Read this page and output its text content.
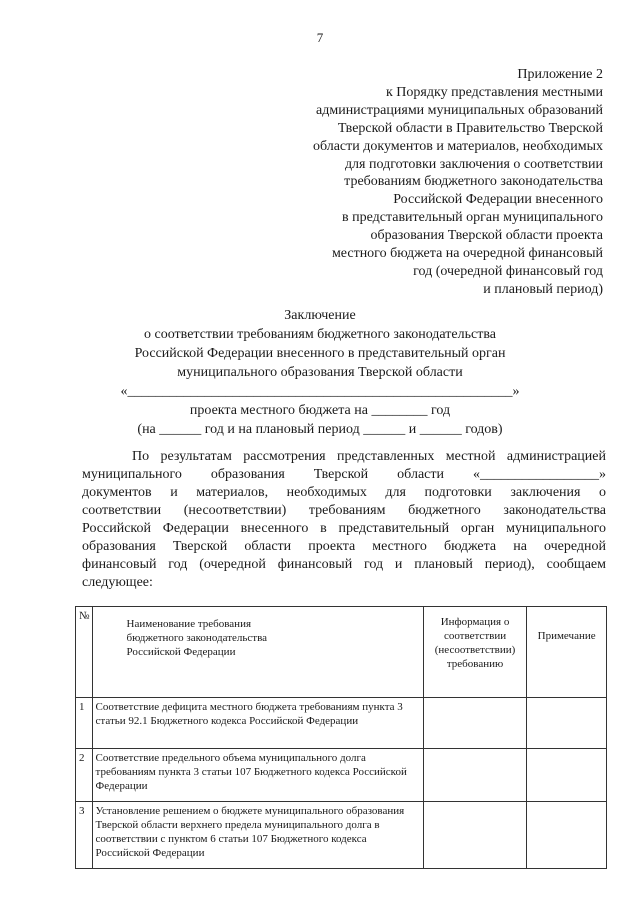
7
Приложение 2
к Порядку представления местными
администрациями муниципальных образований
Тверской области в Правительство Тверской
области документов и материалов, необходимых
для подготовки заключения о соответствии
требованиям бюджетного законодательства
Российской Федерации внесенного
в представительный орган муниципального
образования Тверской области проекта
местного бюджета на очередной финансовый
год (очередной финансовый год
и плановый период)
Заключение
о соответствии требованиям бюджетного законодательства
Российской Федерации внесенного в представительный орган
муниципального образования Тверской области
«_______________________________________________________»
проекта местного бюджета на ________ год
(на ______ год и на плановый период ______ и ______ годов)
По результатам рассмотрения представленных местной администрацией
муниципального образования Тверской области «_________________»
документов и материалов, необходимых для подготовки заключения о
соответствии (несоответствии) требованиям бюджетного законодательства
Российской Федерации внесенного в представительный орган муниципального
образования Тверской области проекта местного бюджета на очередной
финансовый год (очередной финансовый год и плановый период), сообщаем
следующее:
№	Наименование требования
бюджетного законодательства
Российской Федерации	Информация о соответствии (несоответствии) требованию	Примечание
1	Соответствие дефицита местного бюджета требованиям пункта 3 статьи 92.1 Бюджетного кодекса Российской Федерации		
2	Соответствие предельного объема муниципального долга требованиям пункта 3 статьи 107 Бюджетного кодекса Российской Федерации		
3	Установление решением о бюджете муниципального образования Тверской области верхнего предела муниципального долга в соответствии с пунктом 6 статьи 107 Бюджетного кодекса Российской Федерации		
